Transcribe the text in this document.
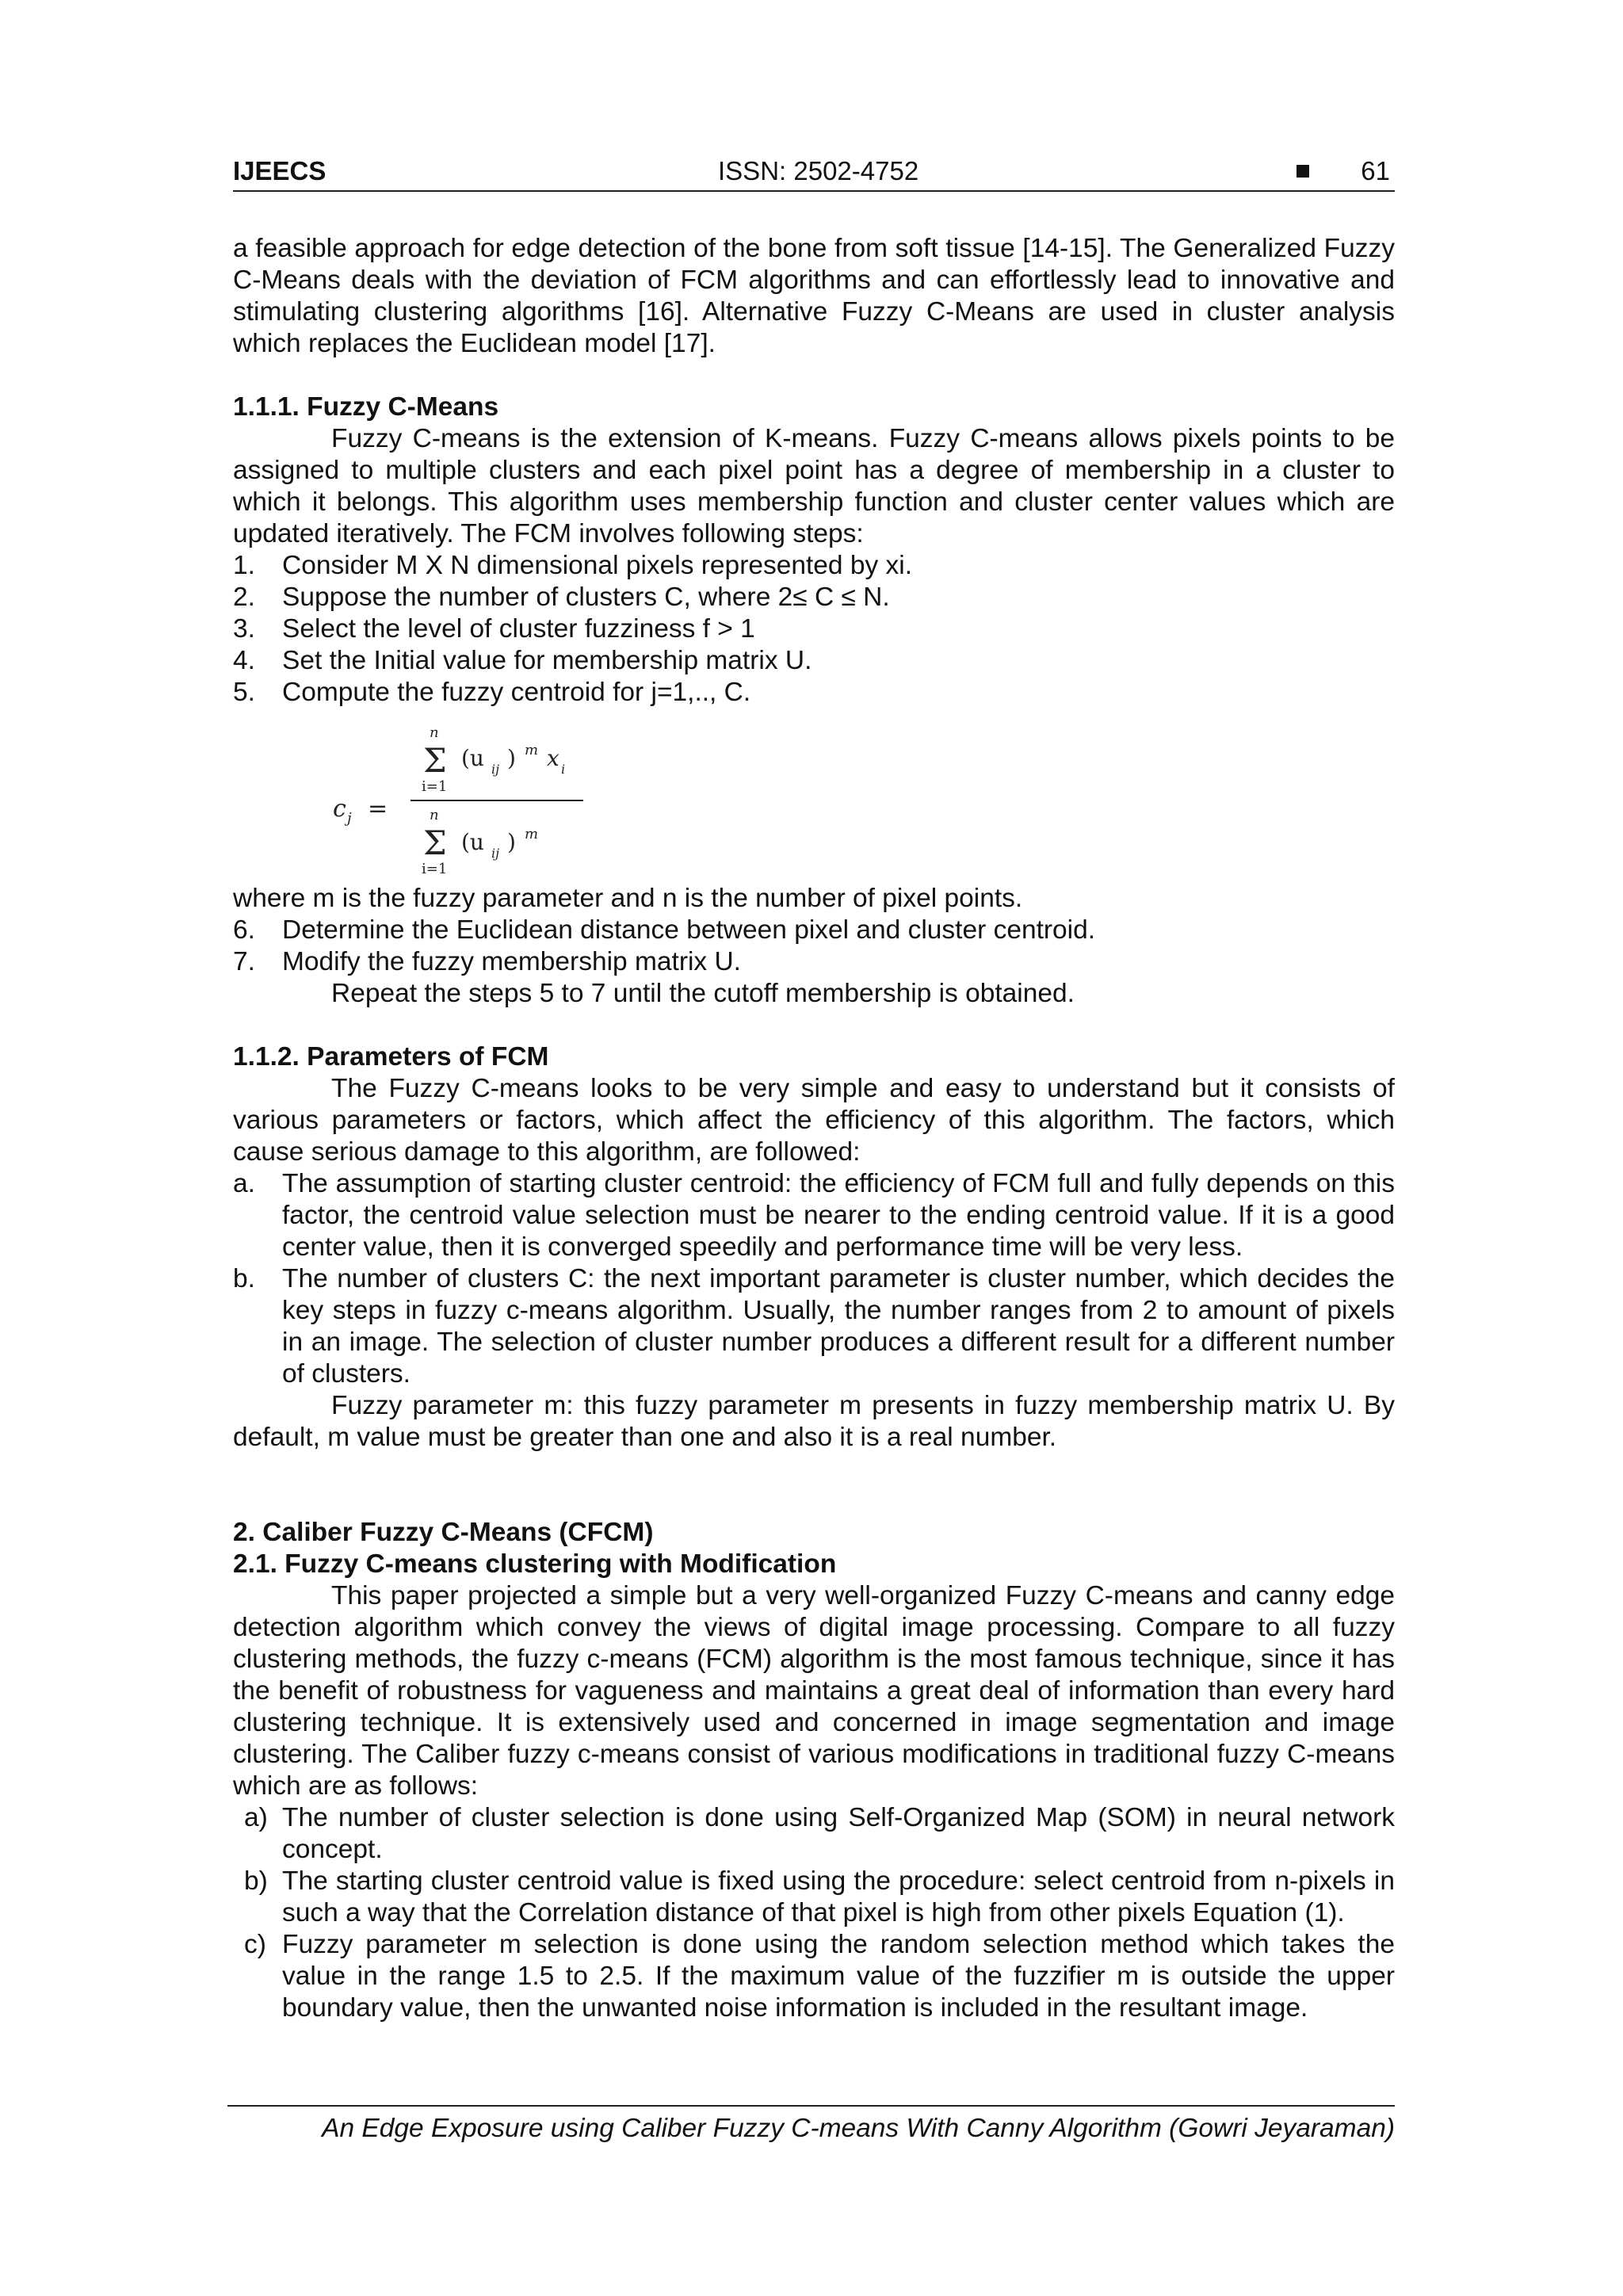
IJEECS	ISSN: 2502-4752	61

a feasible approach for edge detection of the bone from soft tissue [14-15]. The Generalized Fuzzy C-Means deals with the deviation of FCM algorithms and can effortlessly lead to innovative and stimulating clustering algorithms [16]. Alternative Fuzzy C-Means are used in cluster analysis which replaces the Euclidean model [17].

1.1.1. Fuzzy C-Means

Fuzzy C-means is the extension of K-means. Fuzzy C-means allows pixels points to be assigned to multiple clusters and each pixel point has a degree of membership in a cluster to which it belongs. This algorithm uses membership function and cluster center values which are updated iteratively. The FCM involves following steps:

1. Consider M X N dimensional pixels represented by xi.
2. Suppose the number of clusters C, where 2≤ C ≤ N.
3. Select the level of cluster fuzziness f > 1
4. Set the Initial value for membership matrix U.
5. Compute the fuzzy centroid for j=1,.., C.
c j =
n
Σ
i=1
(u ij ) m x i
n
Σ
i=1
(u ij ) m

where m is the fuzzy parameter and n is the number of pixel points.

6. Determine the Euclidean distance between pixel and cluster centroid.
7. Modify the fuzzy membership matrix U.

Repeat the steps 5 to 7 until the cutoff membership is obtained.

1.1.2. Parameters of FCM

The Fuzzy C-means looks to be very simple and easy to understand but it consists of various parameters or factors, which affect the efficiency of this algorithm. The factors, which cause serious damage to this algorithm, are followed:

a. The assumption of starting cluster centroid: the efficiency of FCM full and fully depends on this factor, the centroid value selection must be nearer to the ending centroid value. If it is a good center value, then it is converged speedily and performance time will be very less.
b. The number of clusters C: the next important parameter is cluster number, which decides the key steps in fuzzy c-means algorithm. Usually, the number ranges from 2 to amount of pixels in an image. The selection of cluster number produces a different result for a different number of clusters.

Fuzzy parameter m: this fuzzy parameter m presents in fuzzy membership matrix U. By default, m value must be greater than one and also it is a real number.

2. Caliber Fuzzy C-Means (CFCM)
2.1. Fuzzy C-means clustering with Modification

This paper projected a simple but a very well-organized Fuzzy C-means and canny edge detection algorithm which convey the views of digital image processing. Compare to all fuzzy clustering methods, the fuzzy c-means (FCM) algorithm is the most famous technique, since it has the benefit of robustness for vagueness and maintains a great deal of information than every hard clustering technique. It is extensively used and concerned in image segmentation and image clustering. The Caliber fuzzy c-means consist of various modifications in traditional fuzzy C-means which are as follows:

a) The number of cluster selection is done using Self-Organized Map (SOM) in neural network concept.
b) The starting cluster centroid value is fixed using the procedure: select centroid from n-pixels in such a way that the Correlation distance of that pixel is high from other pixels Equation (1).
c) Fuzzy parameter m selection is done using the random selection method which takes the value in the range 1.5 to 2.5. If the maximum value of the fuzzifier m is outside the upper boundary value, then the unwanted noise information is included in the resultant image.
An Edge Exposure using Caliber Fuzzy C-means With Canny Algorithm (Gowri Jeyaraman)
